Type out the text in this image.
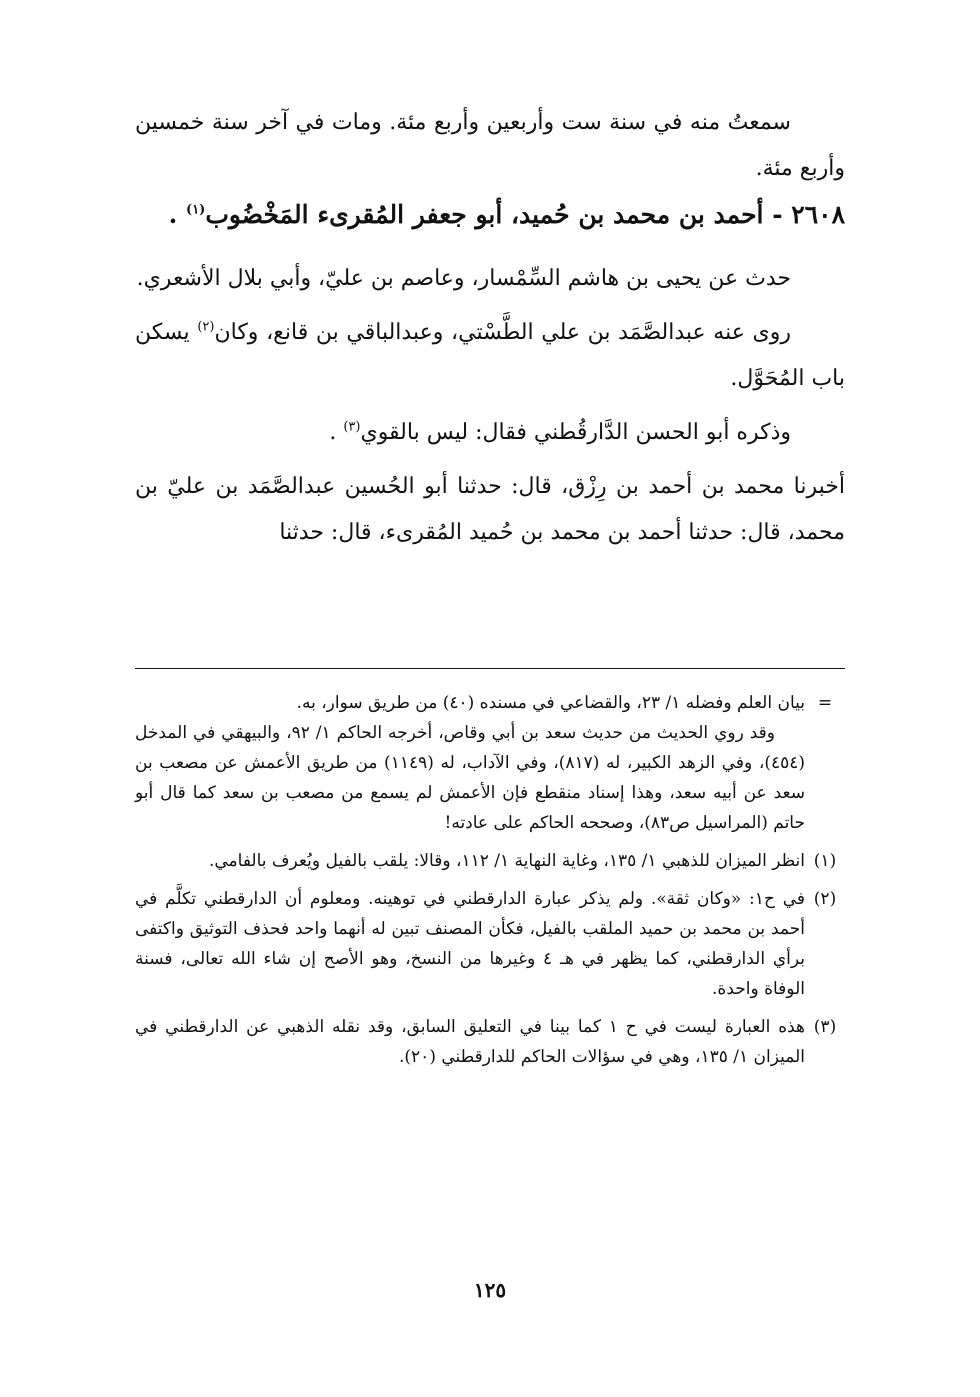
سمعتُ منه في سنة ست وأربعين وأربع مئة. ومات في آخر سنة خمسين وأربع مئة.

٢٦٠٨ - أحمد بن محمد بن حُميد، أبو جعفر المُقرىء المَخْضُوب$^{(١)}$ .

حدث عن يحيى بن هاشم السِّمْسار، وعاصم بن عليّ، وأبي بلال الأشعري.

روى عنه عبدالصَّمَد بن علي الطَّسْتي، وعبدالباقي بن قانع، وكان$^{(٢)}$ يسكن باب المُحَوَّل.

وذكره أبو الحسن الدَّارقُطني فقال: ليس بالقوي$^{(٣)}$ .

أخبرنا محمد بن أحمد بن رِزْق، قال: حدثنا أبو الحُسين عبدالصَّمَد بن عليّ بن محمد، قال: حدثنا أحمد بن محمد بن حُميد المُقرىء، قال: حدثنا

=

بيان العلم وفضله ١/ ٢٣، والقضاعي في مسنده (٤٠) من طريق سوار، به.

وقد روي الحديث من حديث سعد بن أبي وقاص، أخرجه الحاكم ١/ ٩٢، والبيهقي في المدخل (٤٥٤)، وفي الزهد الكبير، له (٨١٧)، وفي الآداب، له (١١٤٩) من طريق الأعمش عن مصعب بن سعد عن أبيه سعد، وهذا إسناد منقطع فإن الأعمش لم يسمع من مصعب بن سعد كما قال أبو حاتم (المراسيل ص٨٣)، وصححه الحاكم على عادته!

(١)
انظر الميزان للذهبي ١/ ١٣٥، وغاية النهاية ١/ ١١٢، وقالا: يلقب بالفيل ويُعرف بالفامي.
(٢)
في ح١: «وكان ثقة». ولم يذكر عبارة الدارقطني في توهينه. ومعلوم أن الدارقطني تكلَّم في أحمد بن محمد بن حميد الملقب بالفيل، فكأن المصنف تبين له أنهما واحد فحذف التوثيق واكتفى برأي الدارقطني، كما يظهر في هـ ٤ وغيرها من النسخ، وهو الأصح إن شاء الله تعالى، فسنة الوفاة واحدة.
(٣)
هذه العبارة ليست في ح ١ كما بينا في التعليق السابق، وقد نقله الذهبي عن الدارقطني في الميزان ١/ ١٣٥، وهي في سؤالات الحاكم للدارقطني (٢٠).
١٢٥
